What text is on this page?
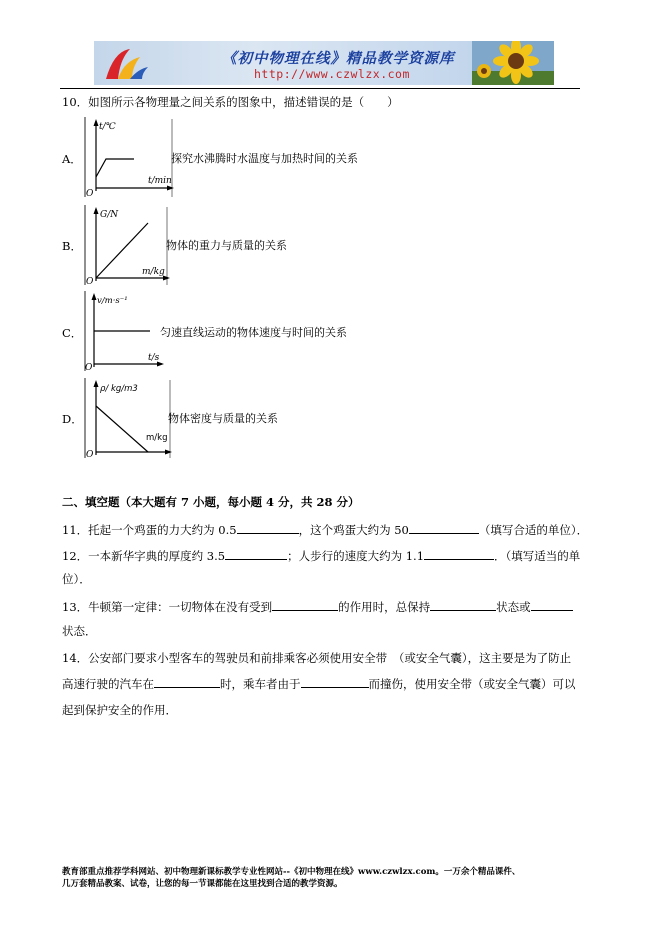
《初中物理在线》精品教学资源库
http://www.czwlzx.com
10．如图所示各物理量之间关系的图象中，描述错误的是（　　）
A．
t/℃
t/min
O
探究水沸腾时水温度与加热时间的关系
B．
G/N
m/kg
O
物体的重力与质量的关系
C．
v/m·s⁻¹
t/s
O
匀速直线运动的物体速度与时间的关系
D．
ρ/ kg/m3
m/kg
O
物体密度与质量的关系
二、填空题（本大题有 7 小题，每小题 4 分，共 28 分）
11．托起一个鸡蛋的力大约为 0.5	，这个鸡蛋大约为 50	（填写合适的单位）．
12．一本新华字典的厚度约 3.5	；人步行的速度大约为 1.1	．（填写适当的单
位）．
13．牛顿第一定律：一切物体在没有受到	的作用时，总保持	状态或
状态．
14．公安部门要求小型客车的驾驶员和前排乘客必须使用安全带　（或安全气囊），这主要是为了防止
高速行驶的汽车在	时，乘车者由于	而撞伤，使用安全带（或安全气囊）可以
起到保护安全的作用．
教育部重点推荐学科网站、初中物理新课标教学专业性网站--《初中物理在线》www.czwlzx.com。一万余个精品课件、
几万套精品教案、试卷，让您的每一节课都能在这里找到合适的教学资源。
